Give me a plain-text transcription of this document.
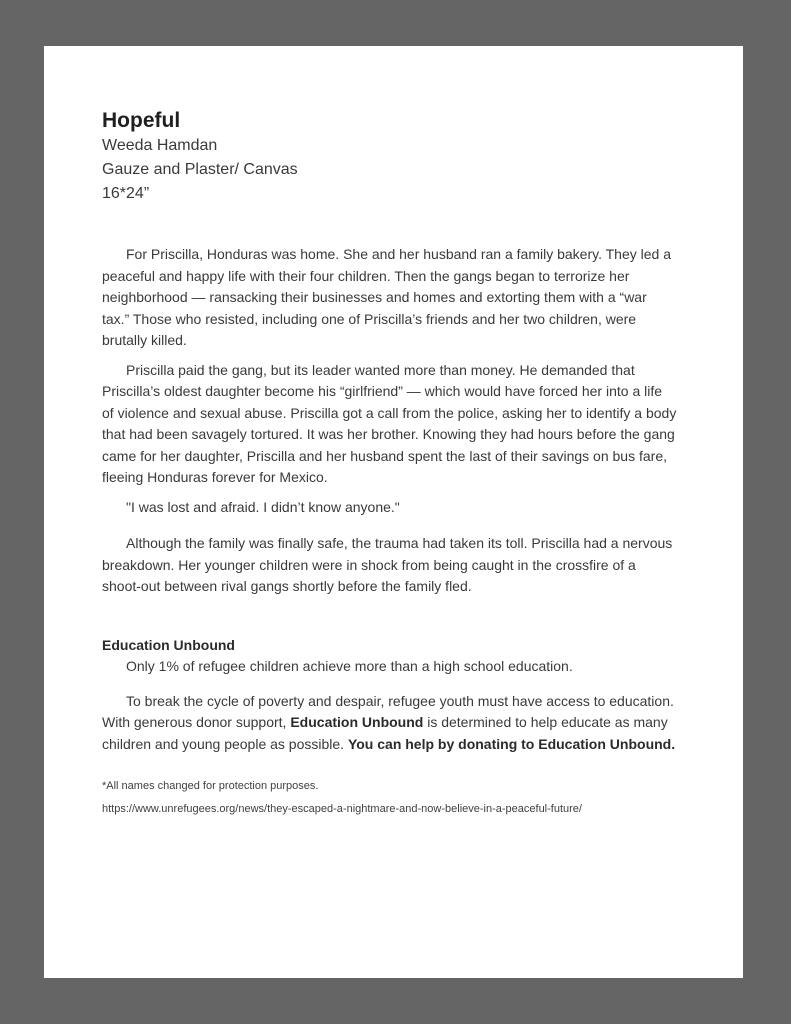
Hopeful
Weeda Hamdan
Gauze and Plaster/ Canvas
16*24”

For Priscilla, Honduras was home. She and her husband ran a family bakery. They led a peaceful and happy life with their four children. Then the gangs began to terrorize her neighborhood — ransacking their businesses and homes and extorting them with a “war tax.” Those who resisted, including one of Priscilla’s friends and her two children, were brutally killed.

Priscilla paid the gang, but its leader wanted more than money. He demanded that Priscilla’s oldest daughter become his “girlfriend” — which would have forced her into a life of violence and sexual abuse. Priscilla got a call from the police, asking her to identify a body that had been savagely tortured. It was her brother. Knowing they had hours before the gang came for her daughter, Priscilla and her husband spent the last of their savings on bus fare, fleeing Honduras forever for Mexico.

"I was lost and afraid. I didn’t know anyone."

Although the family was finally safe, the trauma had taken its toll. Priscilla had a nervous breakdown. Her younger children were in shock from being caught in the crossfire of a shoot-out between rival gangs shortly before the family fled.

Education Unbound

Only 1% of refugee children achieve more than a high school education.

To break the cycle of poverty and despair, refugee youth must have access to education. With generous donor support, Education Unbound is determined to help educate as many children and young people as possible. You can help by donating to Education Unbound.

*All names changed for protection purposes.

https://www.unrefugees.org/news/they-escaped-a-nightmare-and-now-believe-in-a-peaceful-future/
